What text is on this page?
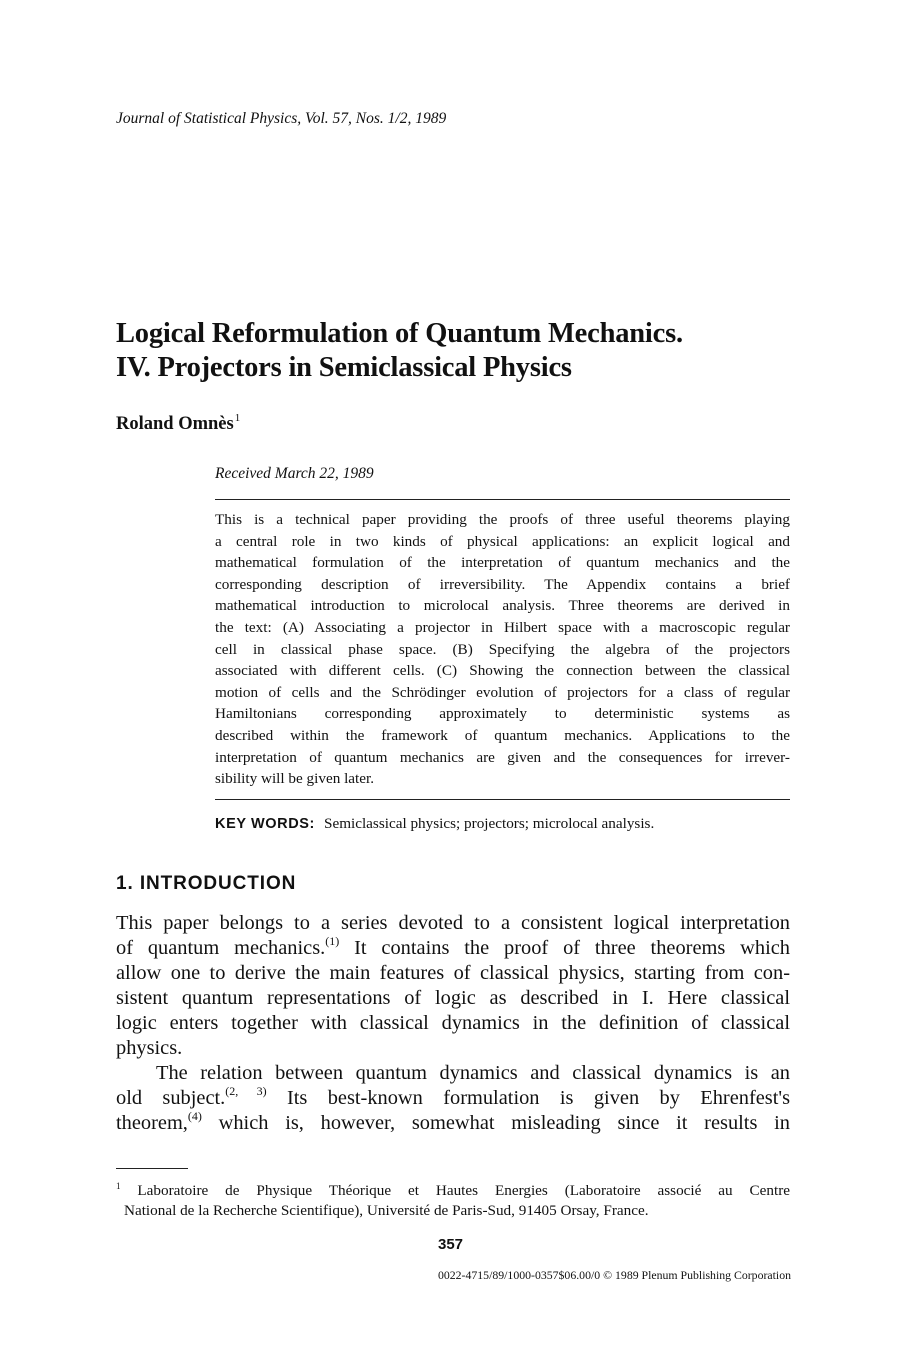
Journal of Statistical Physics, Vol. 57, Nos. 1/2, 1989
Logical Reformulation of Quantum Mechanics.
IV. Projectors in Semiclassical Physics
Roland Omnès$^1$
Received March 22, 1989
This is a technical paper providing the proofs of three useful theorems playing
a central role in two kinds of physical applications: an explicit logical and
mathematical formulation of the interpretation of quantum mechanics and the
corresponding description of irreversibility. The Appendix contains a brief
mathematical introduction to microlocal analysis. Three theorems are derived in
the text: (A) Associating a projector in Hilbert space with a macroscopic regular
cell in classical phase space. (B) Specifying the algebra of the projectors
associated with different cells. (C) Showing the connection between the classical
motion of cells and the Schrödinger evolution of projectors for a class of regular
Hamiltonians corresponding approximately to deterministic systems as
described within the framework of quantum mechanics. Applications to the
interpretation of quantum mechanics are given and the consequences for irrever-
sibility will be given later.
KEY WORDS: Semiclassical physics; projectors; microlocal analysis.
1. INTRODUCTION
This paper belongs to a series devoted to a consistent logical interpretation
of quantum mechanics.$^{(1)}$ It contains the proof of three theorems which
allow one to derive the main features of classical physics, starting from con-
sistent quantum representations of logic as described in I. Here classical
logic enters together with classical dynamics in the definition of classical
physics.
The relation between quantum dynamics and classical dynamics is an
old subject.$^{(2, 3)}$ Its best-known formulation is given by Ehrenfest's
theorem,$^{(4)}$ which is, however, somewhat misleading since it results in
$^1$ Laboratoire de Physique Théorique et Hautes Energies (Laboratoire associé au Centre
National de la Recherche Scientifique), Université de Paris-Sud, 91405 Orsay, France.
357
0022-4715/89/1000-0357$06.00/0 © 1989 Plenum Publishing Corporation
